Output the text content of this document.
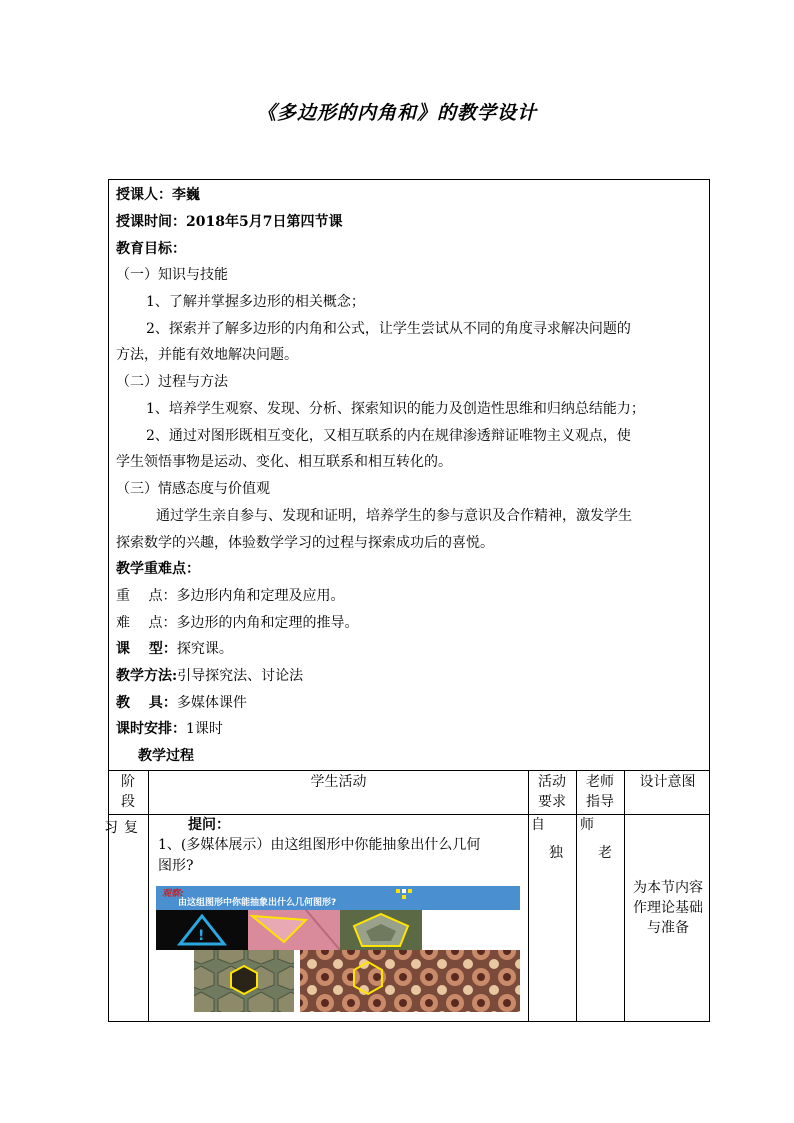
《多边形的内角和》的教学设计
授课人：李巍
授课时间：2018年5月7日第四节课
教育目标：
（一）知识与技能
1、了解并掌握多边形的相关概念；
2、探索并了解多边形的内角和公式，让学生尝试从不同的角度寻求解决问题的
方法，并能有效地解决问题。
（二）过程与方法
1、培养学生观察、发现、分析、探索知识的能力及创造性思维和归纳总结能力；
2、通过对图形既相互变化，又相互联系的内在规律渗透辩证唯物主义观点，使
学生领悟事物是运动、变化、相互联系和相互转化的。
（三）情感态度与价值观
通过学生亲自参与、发现和证明，培养学生的参与意识及合作精神，激发学生
探索数学的兴趣，体验数学学习的过程与探索成功后的喜悦。
教学重难点：
重　 点：多边形内角和定理及应用。
难　 点：多边形的内角和定理的推导。
课　 型：探究课。
教学方法:引导探究法、讨论法
教　 具：多媒体课件
课时安排：1课时
教学过程
阶段
学生活动	活动要求
老师指导
设计意图
习复	提问：
1、(多媒体展示）由这组图形中你能抽象出什么几何
图形?
自
独
师
老
为本节内容作理论基础与准备
观察:
由这组图形中你能抽象出什么几何图形?
!
